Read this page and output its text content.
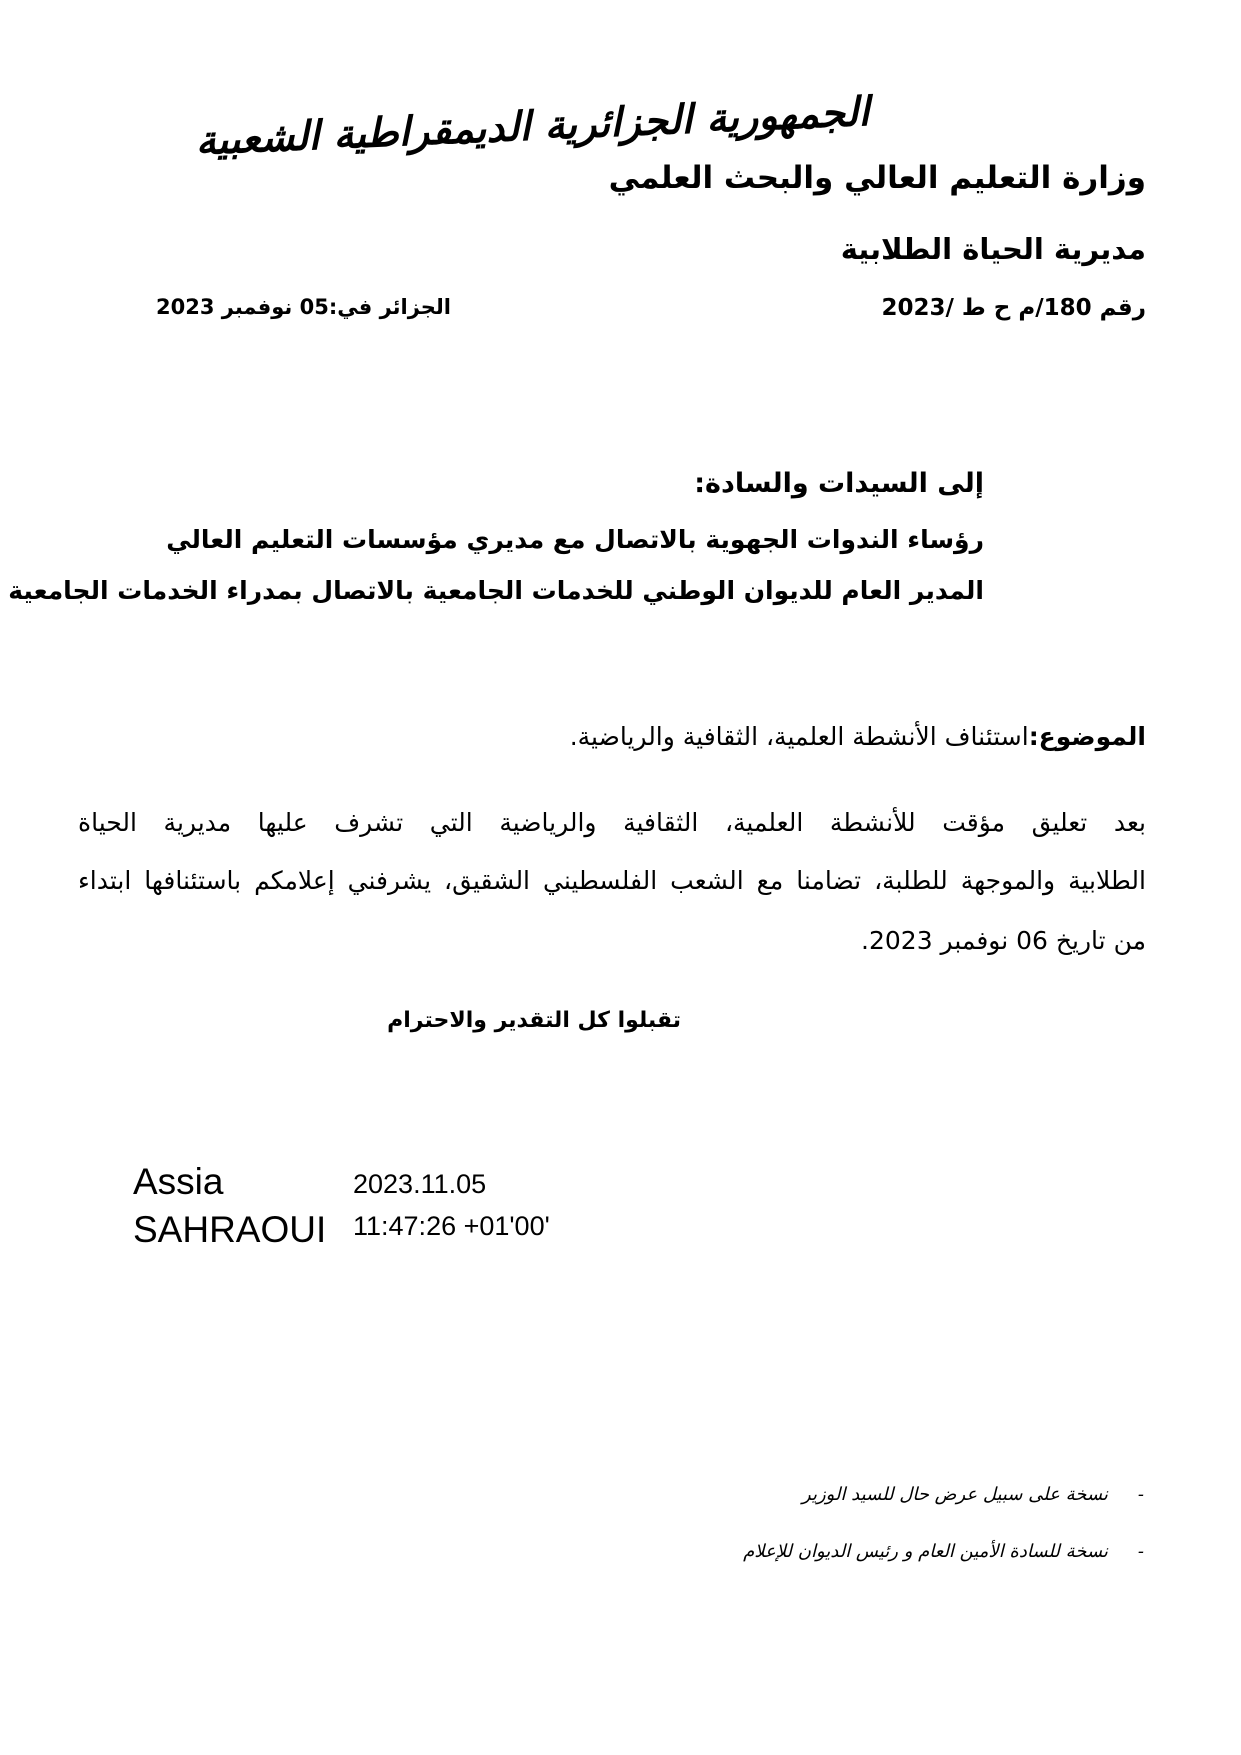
الجمهورية الجزائرية الديمقراطية الشعبية
وزارة التعليم العالي والبحث العلمي
مديرية الحياة الطلابية
رقم 180/م ح ط /2023
الجزائر في:05 نوفمبر 2023
إلى السيدات والسادة:
رؤساء الندوات الجهوية بالاتصال مع مديري مؤسسات التعليم العالي
المدير العام للديوان الوطني للخدمات الجامعية بالاتصال بمدراء الخدمات الجامعية
الموضوع:استئناف الأنشطة العلمية، الثقافية والرياضية.
بعد تعليق مؤقت للأنشطة العلمية، الثقافية والرياضية التي تشرف عليها مديرية الحياة
الطلابية والموجهة للطلبة، تضامنا مع الشعب الفلسطيني الشقيق، يشرفني إعلامكم باستئنافها ابتداء
من تاريخ 06 نوفمبر 2023.
تقبلوا كل التقدير والاحترام
Assia
SAHRAOUI
2023.11.05
11:47:26 +01'00'
-نسخة على سبيل عرض حال للسيد الوزير
-نسخة للسادة الأمين العام و رئيس الديوان للإعلام
